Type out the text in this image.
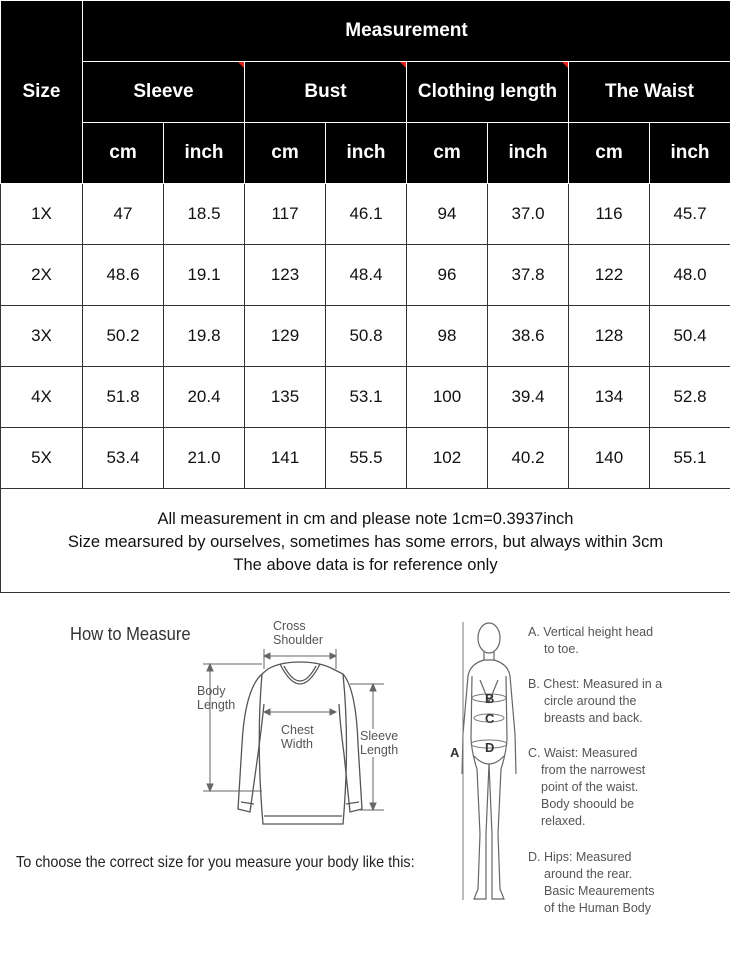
Size	Measurement							
	Sleeve		Bust		Clothing length		The Waist	
	cm	inch	cm	inch	cm	inch	cm	inch
1X	47	18.5	117	46.1	94	37.0	116	45.7
2X	48.6	19.1	123	48.4	96	37.8	122	48.0
3X	50.2	19.8	129	50.8	98	38.6	128	50.4
4X	51.8	20.4	135	53.1	100	39.4	134	52.8
5X	53.4	21.0	141	55.5	102	40.2	140	55.1

All measurement in cm and please note 1cm=0.3937inch
Size mearsured by ourselves, sometimes has some errors, but always within 3cm
The above data is for reference only								
How to Measure	Cross
Shoulder
Body
Length
Chest
Width
Sleeve
Length	A
B
C
D
A. Vertical height head
to toe.
B. Chest: Measured in a
circle around the
breasts and back.
C. Waist: Measured
from the narrowest
point of the waist.
Body shoould be
relaxed.
D. Hips: Measured
around the rear.
Basic Meaurements
of the Human Body
To choose the correct size for you measure your body like this:
